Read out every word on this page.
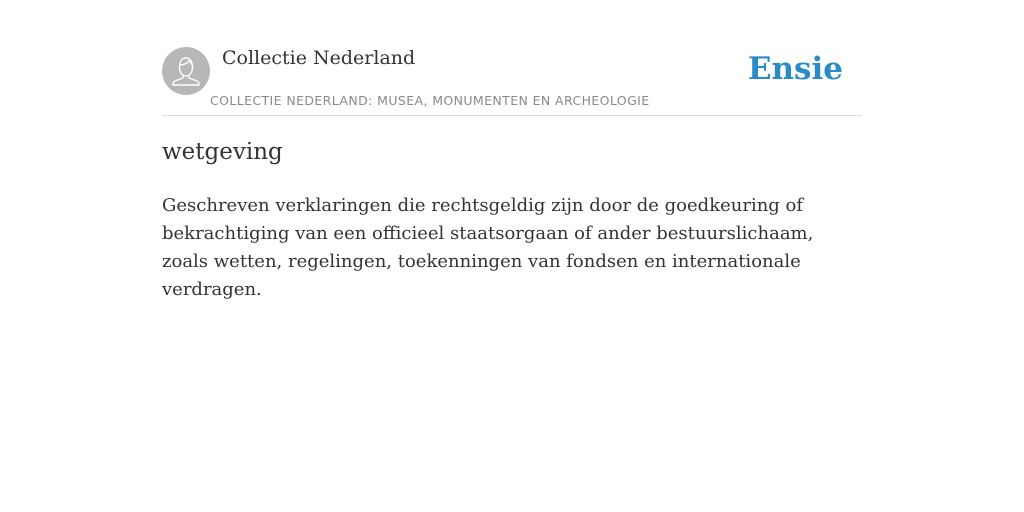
Collectie Nederland
COLLECTIE NEDERLAND: MUSEA, MONUMENTEN EN ARCHEOLOGIE
Ensie
wetgeving

Geschreven verklaringen die rechtsgeldig zijn door de goedkeuring of bekrachtiging van een officieel staatsorgaan of ander bestuurslichaam, zoals wetten, regelingen, toekenningen van fondsen en internationale verdragen.
